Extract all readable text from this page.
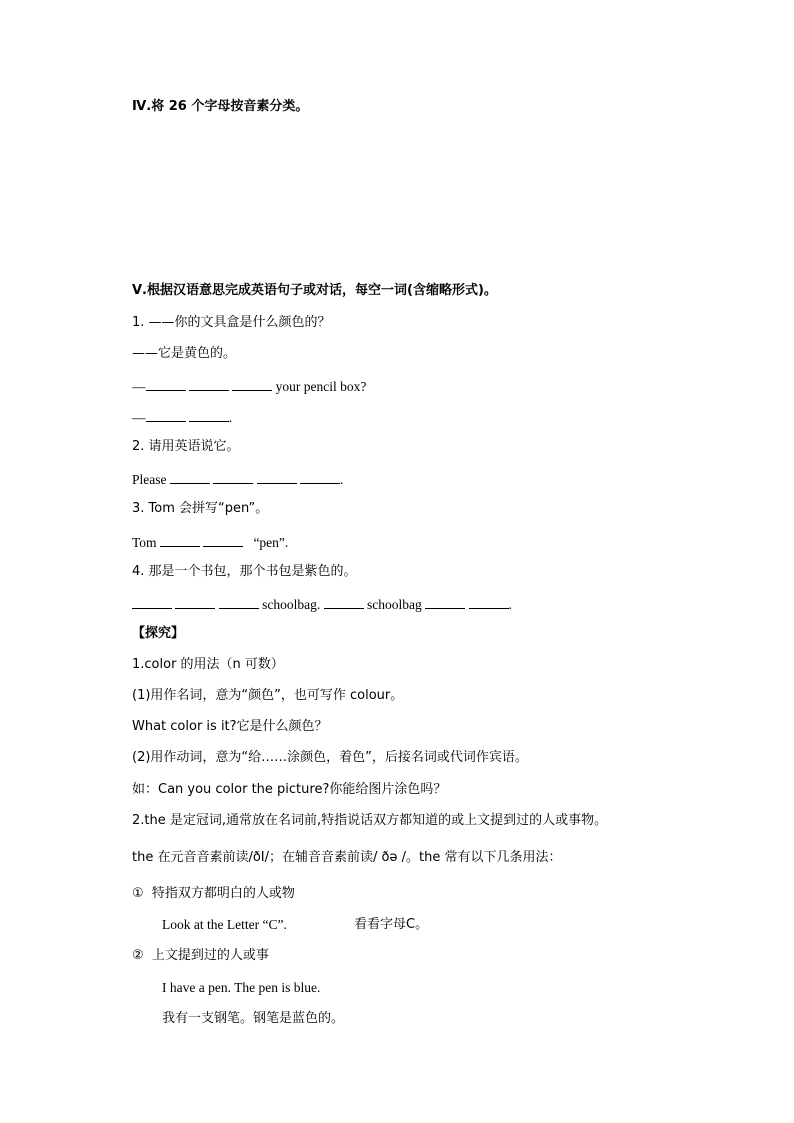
Ⅳ.将 26 个字母按音素分类。
Ⅴ.根据汉语意思完成英语句子或对话，每空一词(含缩略形式)。
1. ——你的文具盒是什么颜色的？
——它是黄色的。
—	your pencil box?
—	.
2. 请用英语说它。
Please	.
3. Tom 会拼写“pen”。
Tom	“pen”.
4. 那是一个书包，那个书包是紫色的。
schoolbag.	schoolbag	.
【探究】
1.color 的用法（n 可数）
(1)用作名词，意为“颜色”，也可写作 colour。
What color is it?它是什么颜色？
(2)用作动词，意为“给……涂颜色，着色”，后接名词或代词作宾语。
如：Can you color the picture?你能给图片涂色吗？
2.the 是定冠词,通常放在名词前,特指说话双方都知道的或上文提到过的人或事物。
the 在元音音素前读/ðI/；在辅音音素前读/ ðə /。the 常有以下几条用法：
①  特指双方都明白的人或物
Look at the Letter “C”.	看看字母C。
②  上文提到过的人或事
I have a pen. The pen is blue.
我有一支钢笔。钢笔是蓝色的。
